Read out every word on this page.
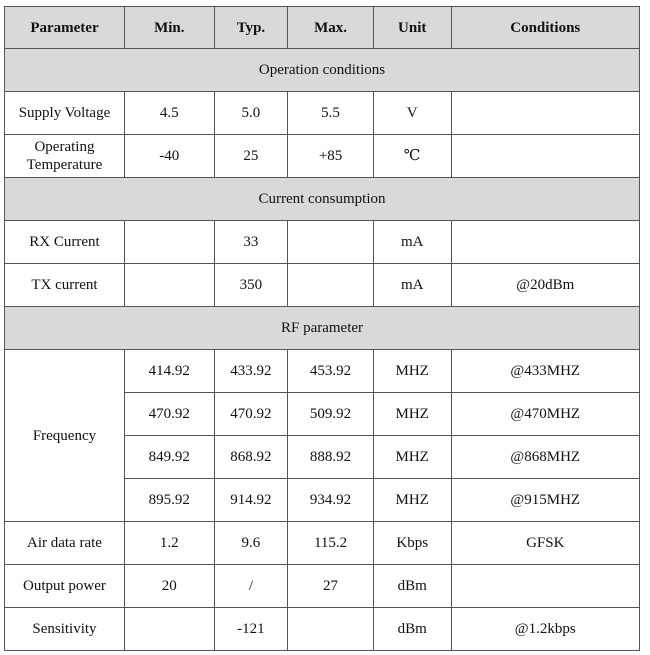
Parameter	Min.	Typ.	Max.	Unit	Conditions
Operation conditions					
Supply Voltage	4.5	5.0	5.5	V	
Operating Temperature	-40	25	+85	℃	
Current consumption					
RX Current		33		mA	
TX current		350		mA	@20dBm
RF parameter					
Frequency	414.92	433.92	453.92	MHZ	@433MHZ
	470.92	470.92	509.92	MHZ	@470MHZ
	849.92	868.92	888.92	MHZ	@868MHZ
	895.92	914.92	934.92	MHZ	@915MHZ
Air data rate	1.2	9.6	115.2	Kbps	GFSK
Output power	20	/	27	dBm	
Sensitivity		-121		dBm	@1.2kbps
